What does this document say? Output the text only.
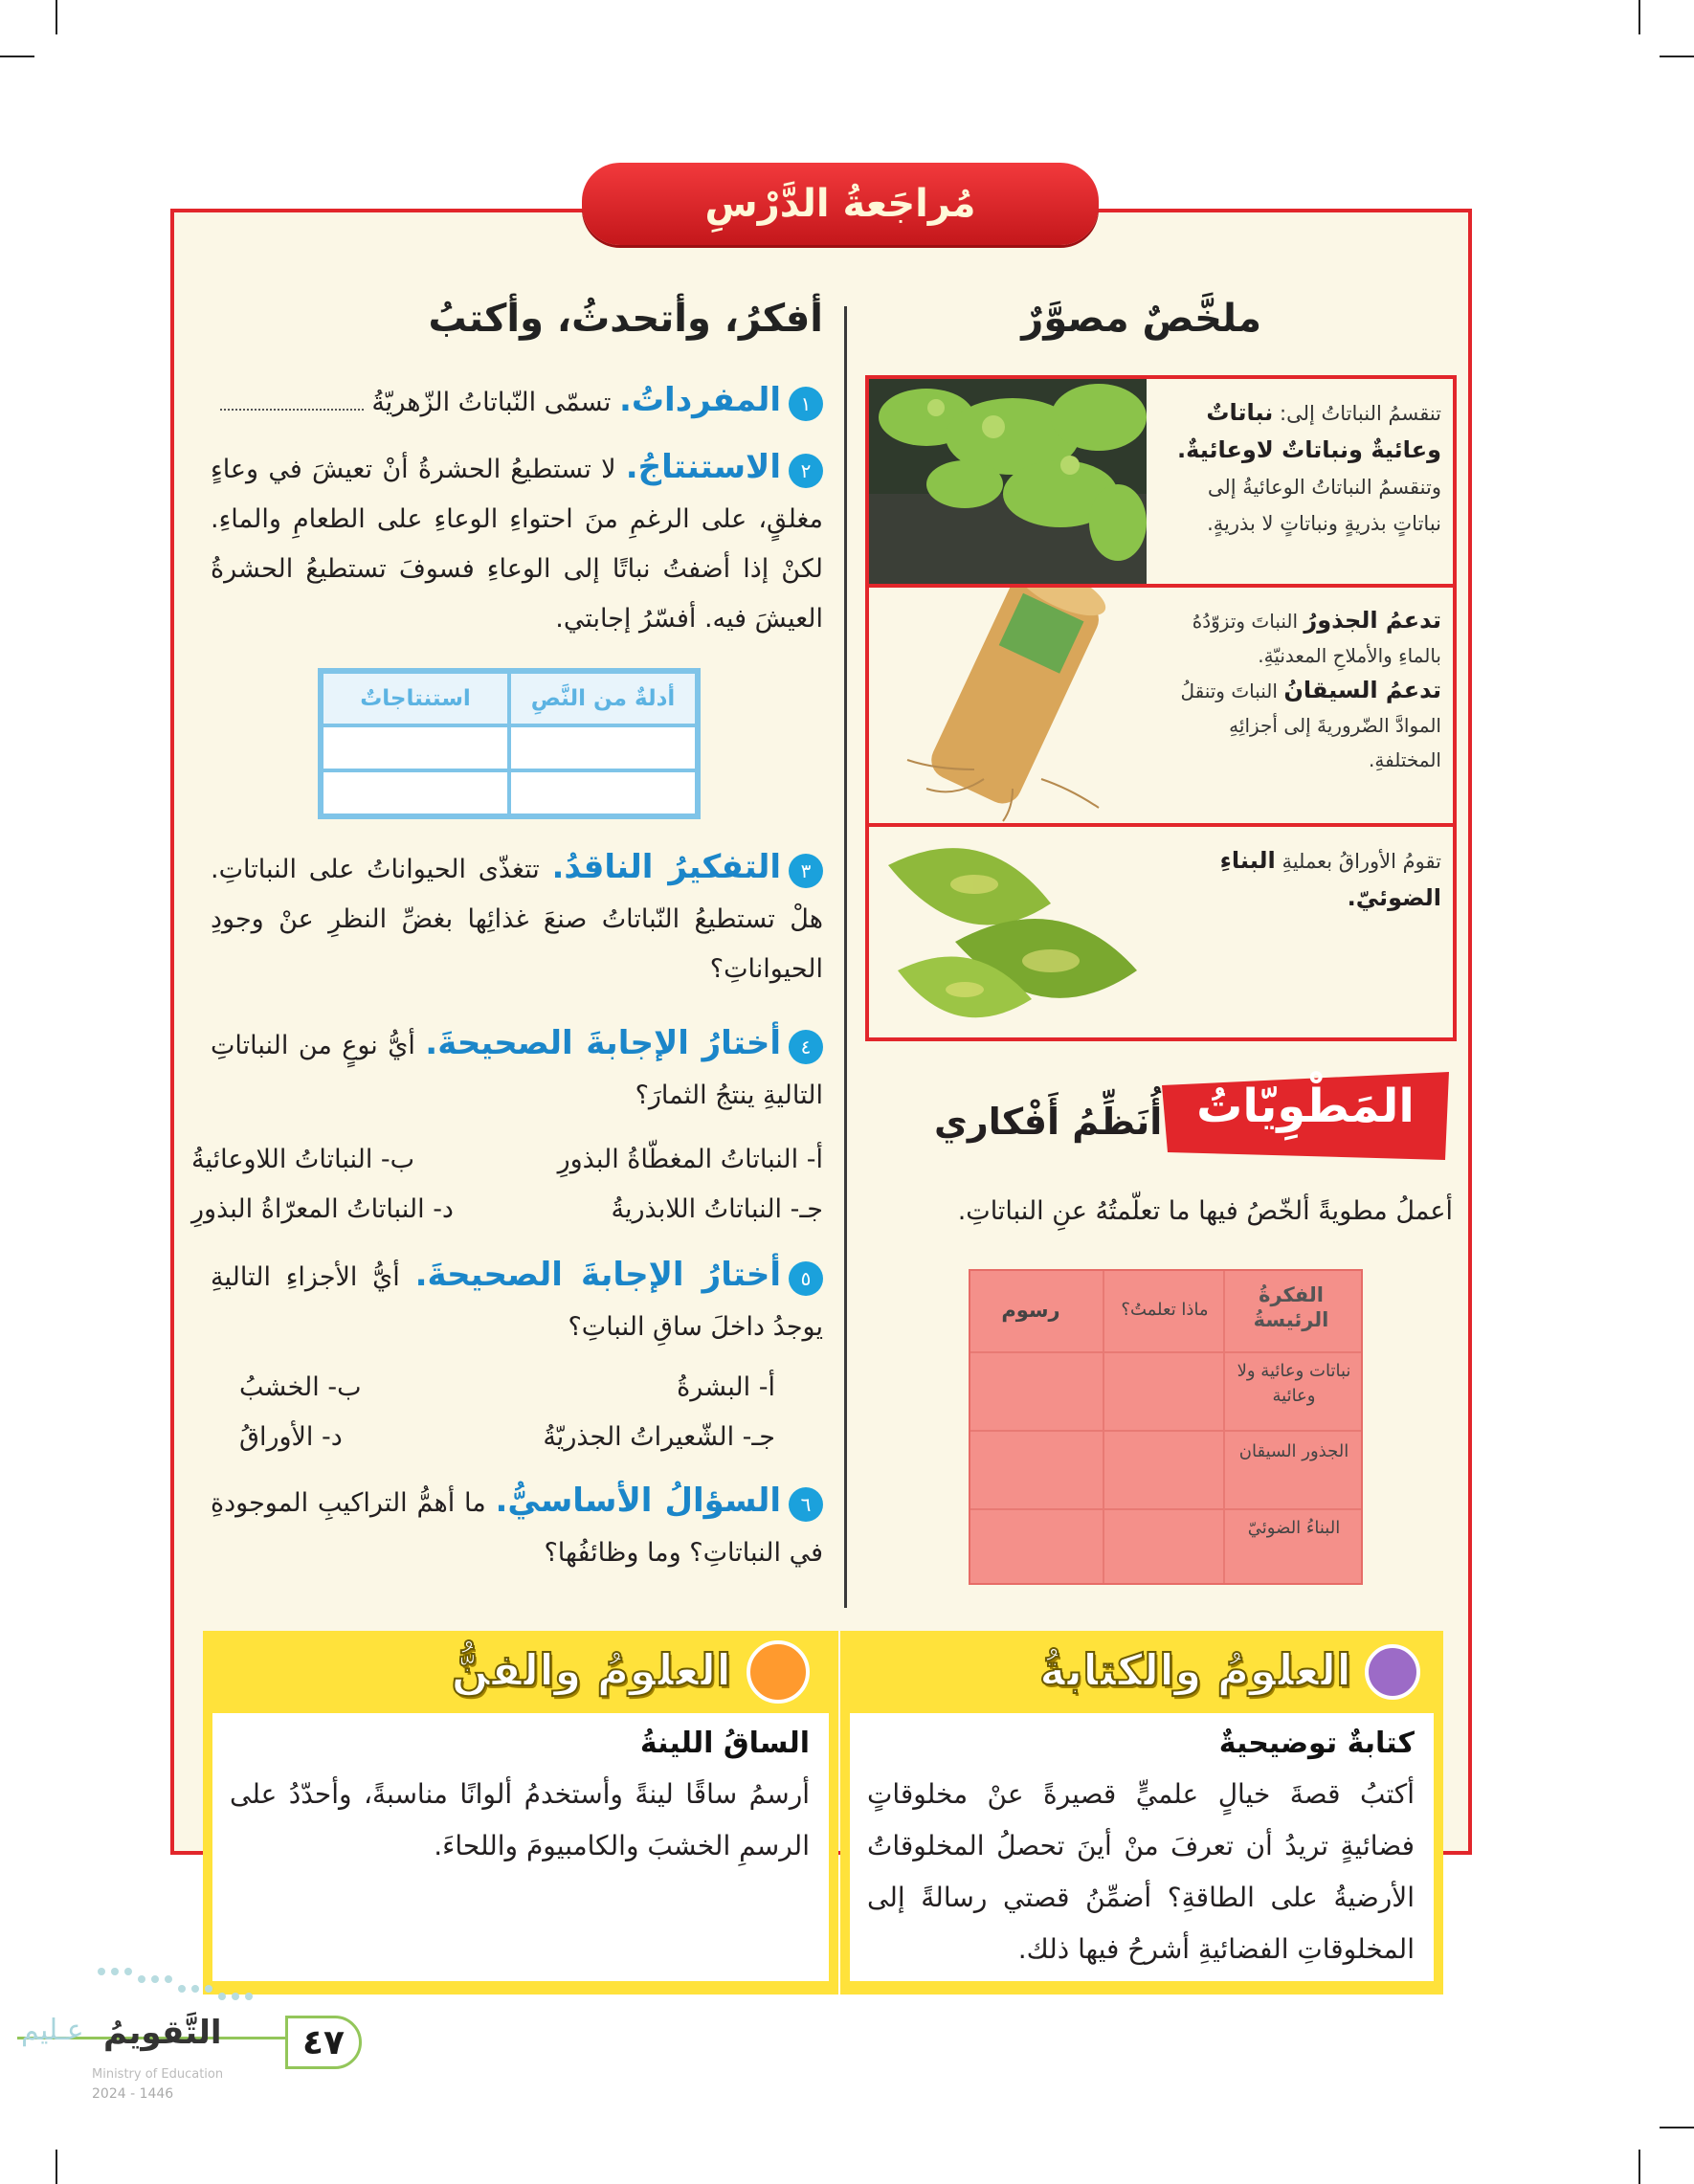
مُراجَعةُ الدَّرْسِ
أفكرُ، وأتحدثُ، وأكتبُ
١المفرداتُ. تسمّى النّباتاتُ الزّهريّةُ
٢الاستنتاجُ. لا تستطيعُ الحشرةُ أنْ تعيشَ في وعاءٍ مغلقٍ، على الرغمِ منَ احتواءِ الوعاءِ على الطعامِ والماءِ. لكنْ إذا أضفتُ نباتًا إلى الوعاءِ فسوفَ تستطيعُ الحشرةُ العيشَ فيه. أفسّرُ إجابتي.
أدلةٌ من النَّصِ
استنتاجاتٌ
٣التفكيرُ الناقدُ. تتغذّى الحيواناتُ على النباتاتِ. هلْ تستطيعُ النّباتاتُ صنعَ غذائِها بغضِّ النظرِ عنْ وجودِ الحيواناتِ؟
٤أختارُ الإجابةَ الصحيحةَ. أيُّ نوعٍ من النباتاتِ التاليةِ ينتجُ الثمارَ؟
أ- النباتاتُ المغطّاةُ البذورِ
ب- النباتاتُ اللاوعائيةُ
جـ- النباتاتُ اللابذريةُ
د- النباتاتُ المعرّاةُ البذورِ
٥أختارُ الإجابةَ الصحيحةَ. أيُّ الأجزاءِ التاليةِ يوجدُ داخلَ ساقِ النباتِ؟
أ- البشرةُ
ب- الخشبُ
جـ- الشّعيراتُ الجذريّةُ
د- الأوراقُ
٦السؤالُ الأساسيُّ. ما أهمُّ التراكيبِ الموجودةِ في النباتاتِ؟ وما وظائفُها؟
ملخَّصٌ مصوَّرٌ
تنقسمُ النباتاتُ إلى: نباتاتٌ وعائيةٌ ونباتاتٌ لاوعائيةٌ. وتنقسمُ النباتاتُ الوعائيةُ إلى نباتاتٍ بذريةٍ ونباتاتٍ لا بذريةٍ.
تدعمُ الجذورُ النباتَ وتزوّدُهُ بالماءِ والأملاحِ المعدنيّةِ.
تدعمُ السيقانُ النباتَ وتنقلُ الموادَّ الضّروريةَ إلى أجزائِهِ المختلفةِ.
تقومُ الأوراقُ بعمليةِ البناءِ الضوئيّ.
المَطْوِيّاتُ
أُنَظِّمُ أَفْكاري
أعملُ مطويةً ألخّصُ فيها ما تعلّمتُهُ عنِ النباتاتِ.
الفكرةُ الرئيسةُ
ماذا تعلمتُ؟
رسوم
نباتات وعائية ولا وعائية
الجذور السيقان
البناءُ الضوئيّ
العلومُ والكتابةُ
كتابةٌ توضيحيةٌ
أكتبُ قصةَ خيالٍ علميٍّ قصيرةً عنْ مخلوقاتٍ فضائيةٍ تريدُ أن تعرفَ منْ أينَ تحصلُ المخلوقاتُ الأرضيةُ على الطاقةِ؟ أضمِّنُ قصتي رسالةً إلى المخلوقاتِ الفضائيةِ أشرحُ فيها ذلك.
العلومُ والفنُّ
الساقُ اللينةُ
أرسمُ ساقًا لينةً وأستخدمُ ألوانًا مناسبةً، وأحدّدُ على الرسمِ الخشبَ والكامبيومَ واللحاءَ.
٤٧
التَّقويمُ
عـليم
Ministry of Education
2024 - 1446
